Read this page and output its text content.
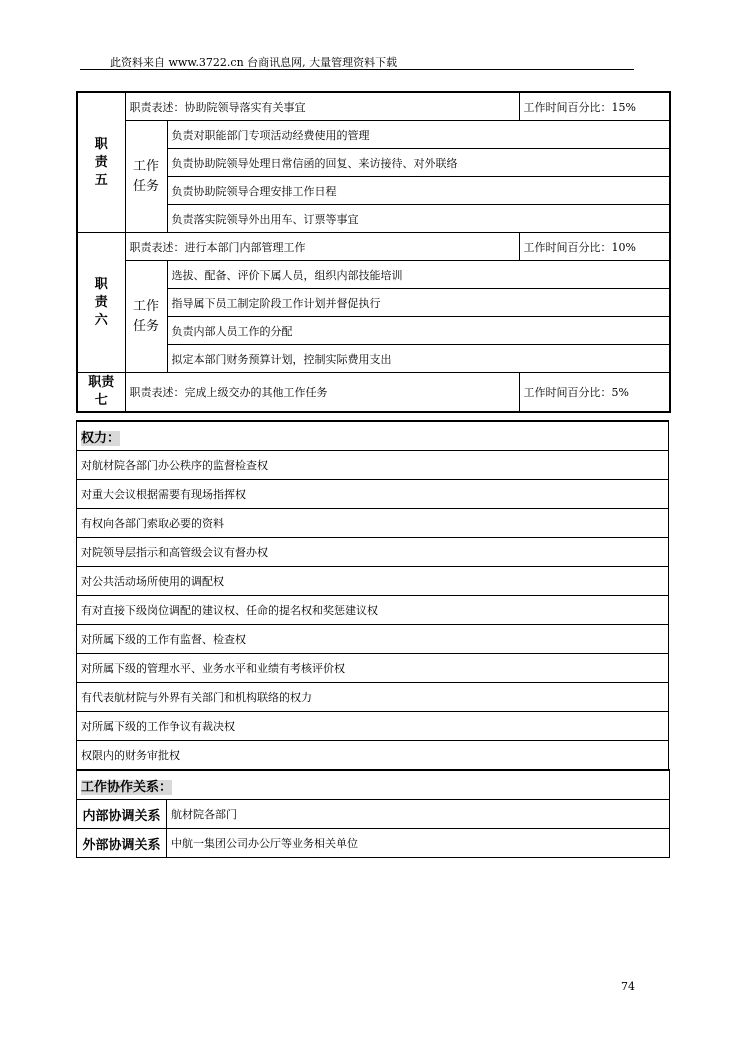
此资料来自 www.3722.cn 台商讯息网, 大量管理资料下载
职
责
五	职责表述：协助院领导落实有关事宜		工作时间百分比：15%
	工作
任务	负责对职能部门专项活动经费使用的管理	
		负责协助院领导处理日常信函的回复、来访接待、对外联络	
		负责协助院领导合理安排工作日程	
		负责落实院领导外出用车、订票等事宜	
职
责
六	职责表述：进行本部门内部管理工作		工作时间百分比：10%
	工作
任务	选拔、配备、评价下属人员，组织内部技能培训	
		指导属下员工制定阶段工作计划并督促执行	
		负责内部人员工作的分配	
		拟定本部门财务预算计划，控制实际费用支出	
职责
七	职责表述：完成上级交办的其他工作任务		工作时间百分比：5%
权力：
对航材院各部门办公秩序的监督检查权
对重大会议根据需要有现场指挥权
有权向各部门索取必要的资料
对院领导层指示和高管级会议有督办权
对公共活动场所使用的调配权
有对直接下级岗位调配的建议权、任命的提名权和奖惩建议权
对所属下级的工作有监督、检查权
对所属下级的管理水平、业务水平和业绩有考核评价权
有代表航材院与外界有关部门和机构联络的权力
对所属下级的工作争议有裁决权
权限内的财务审批权
工作协作关系：	
内部协调关系	航材院各部门
外部协调关系	中航一集团公司办公厅等业务相关单位
74
